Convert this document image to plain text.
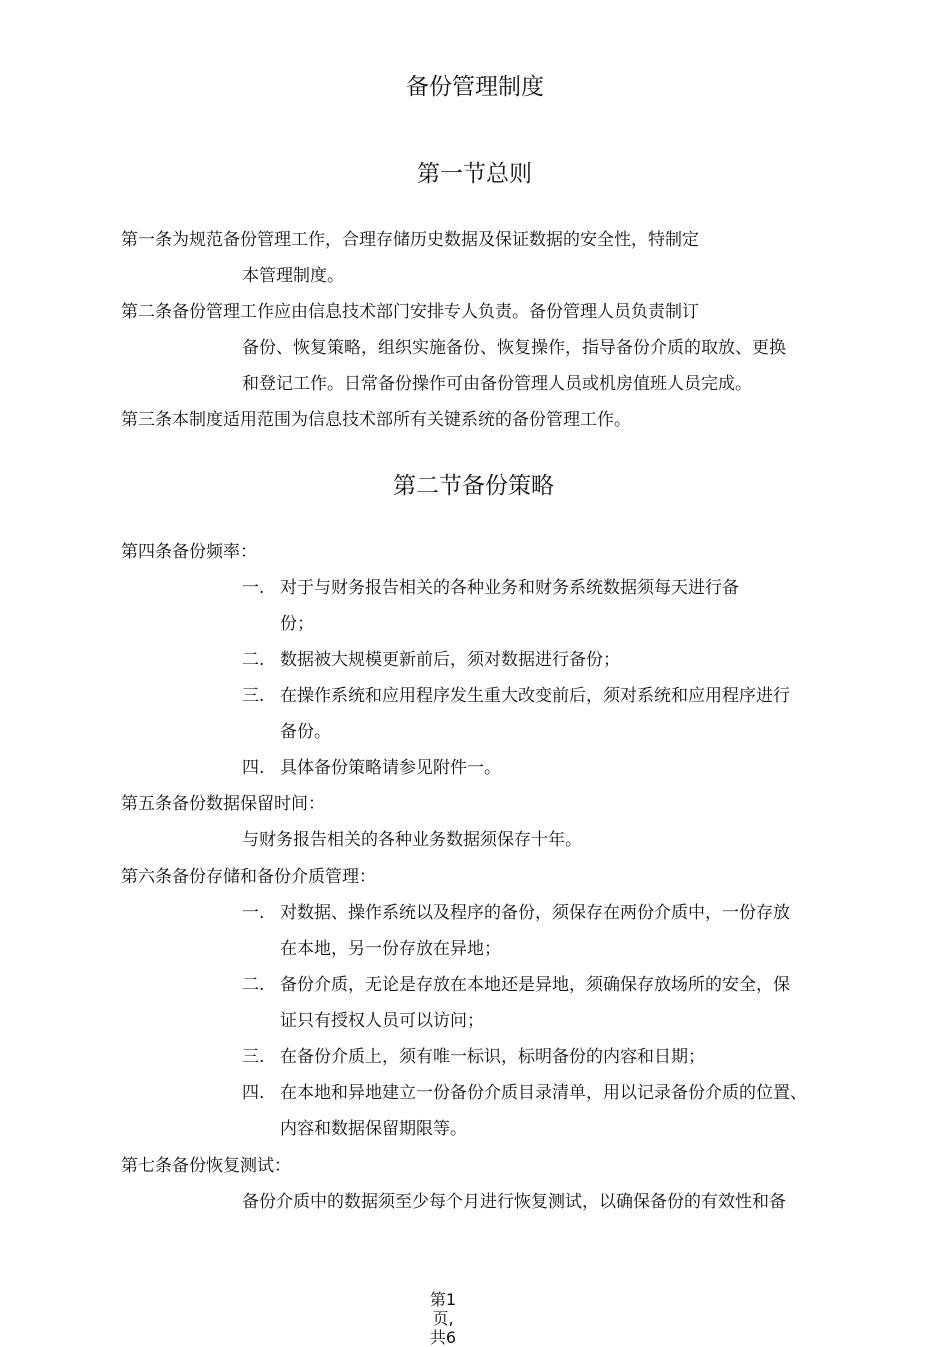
备份管理制度
第一节总则
第一条为规范备份管理工作，合理存储历史数据及保证数据的安全性，特制定
本管理制度。
第二条备份管理工作应由信息技术部门安排专人负责。备份管理人员负责制订
备份、恢复策略，组织实施备份、恢复操作，指导备份介质的取放、更换
和登记工作。日常备份操作可由备份管理人员或机房值班人员完成。
第三条本制度适用范围为信息技术部所有关键系统的备份管理工作。
第二节备份策略
第四条备份频率：
一. 对于与财务报告相关的各种业务和财务系统数据须每天进行备
份；
二. 数据被大规模更新前后，须对数据进行备份；
三. 在操作系统和应用程序发生重大改变前后，须对系统和应用程序进行
备份。
四. 具体备份策略请参见附件一。
第五条备份数据保留时间：
与财务报告相关的各种业务数据须保存十年。
第六条备份存储和备份介质管理：
一. 对数据、操作系统以及程序的备份，须保存在两份介质中，一份存放
在本地，另一份存放在异地；
二. 备份介质，无论是存放在本地还是异地，须确保存放场所的安全，保
证只有授权人员可以访问；
三. 在备份介质上，须有唯一标识，标明备份的内容和日期；
四. 在本地和异地建立一份备份介质目录清单，用以记录备份介质的位置、
内容和数据保留期限等。
第七条备份恢复测试：
备份介质中的数据须至少每个月进行恢复测试，以确保备份的有效性和备
第1
页,
共6
